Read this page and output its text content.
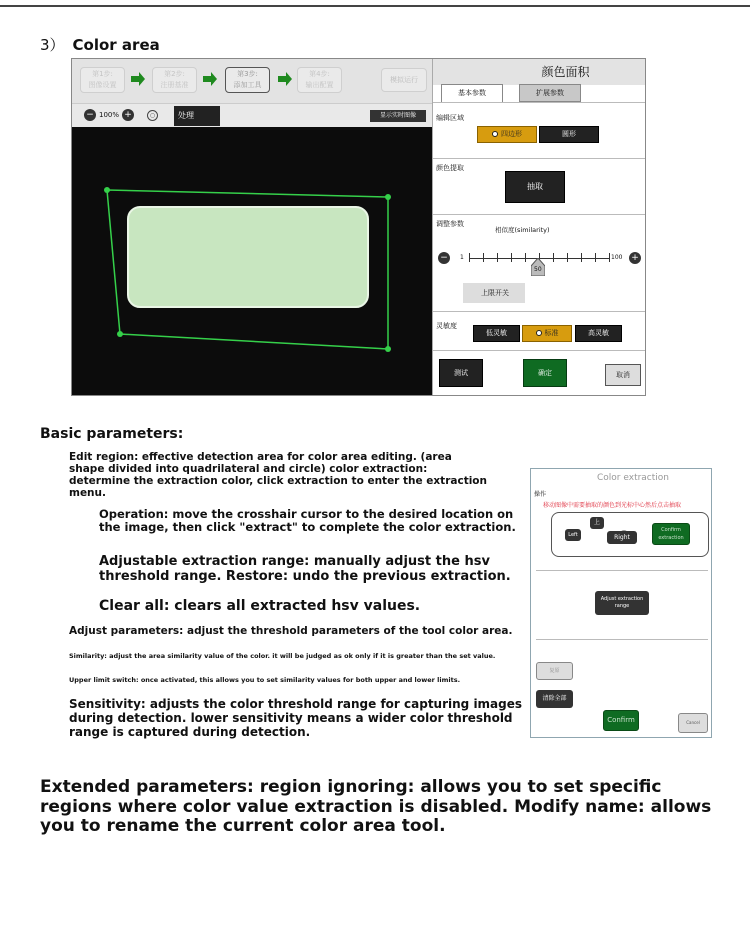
3） Color area
第1步:
图像设置
第2步:
注册基准
第3步:
添加工具
第4步:
输出配置
模拟运行
− 100% +	○	处理	显示实时图像
颜色面积
基本参数	扩展参数
编辑区域
四边形	圆形
颜色提取
抽取
调整参数
相似度(similarity)
−	1
50
100 +
上限开关
灵敏度
低灵敏	标准	高灵敏
测试	确定	取消
Basic parameters:
Edit region: effective detection area for color area editing. (area shape divided into quadrilateral and circle) color extraction: determine the extraction color, click extraction to enter the extraction menu.
Operation: move the crosshair cursor to the desired location on the image, then click "extract" to complete the color extraction.
Adjustable extraction range: manually adjust the hsv threshold range. Restore: undo the previous extraction.
Clear all: clears all extracted hsv values.
Adjust parameters: adjust the threshold parameters of the tool color area.
Similarity: adjust the area similarity value of the color. it will be judged as ok only if it is greater than the set value.
Upper limit switch: once activated, this allows you to set similarity values for both upper and lower limits.
Sensitivity: adjusts the color threshold range for capturing images during detection. lower sensitivity means a wider color threshold range is captured during detection.
Extended parameters: region ignoring: allows you to set specific regions where color value extraction is disabled. Modify name: allows you to rename the current color area tool.
Color extraction
操作
移动图像中需要抽取的颜色到光标中心然后点击抽取
上
Left	Right
Confirm extraction
Adjust extraction range
复原
清除全部
Confirm	Cancel
